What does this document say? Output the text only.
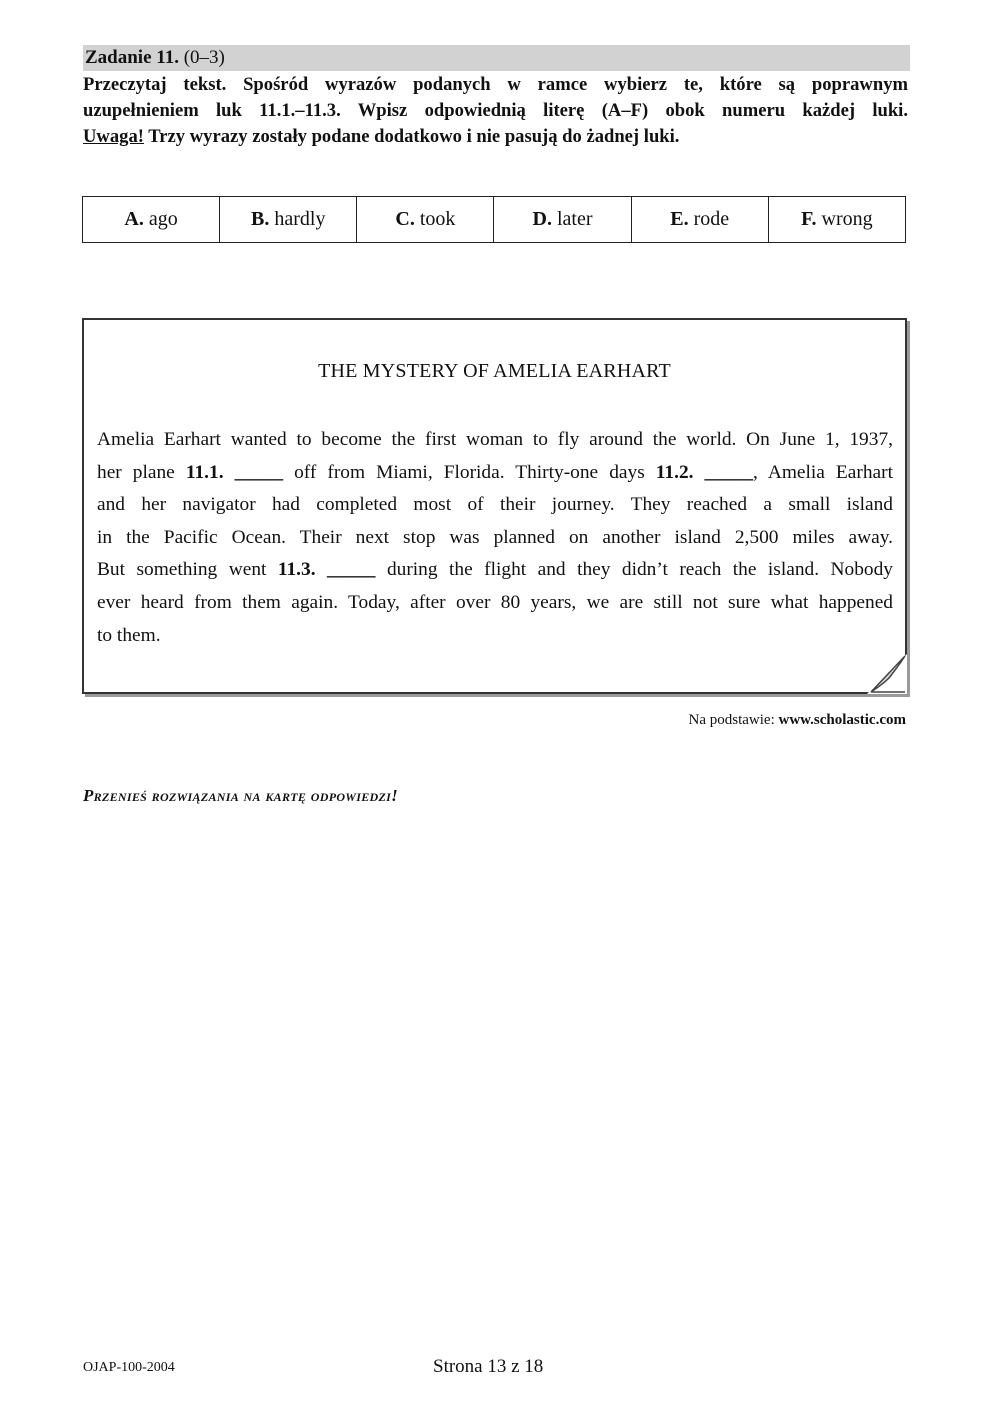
Zadanie 11. (0–3)
Przeczytaj tekst. Spośród wyrazów podanych w ramce wybierz te, które są poprawnym
uzupełnieniem luk 11.1.–11.3. Wpisz odpowiednią literę (A–F) obok numeru każdej luki.
Uwaga! Trzy wyrazy zostały podane dodatkowo i nie pasują do żadnej luki.
A. ago	B. hardly	C. took	D. later	E. rode	F. wrong
THE MYSTERY OF AMELIA EARHART
Amelia Earhart wanted to become the first woman to fly around the world. On June 1, 1937,
her plane 11.1. _____ off from Miami, Florida. Thirty-one days 11.2. _____, Amelia Earhart
and her navigator had completed most of their journey. They reached a small island
in the Pacific Ocean. Their next stop was planned on another island 2,500 miles away.
But something went 11.3. _____ during the flight and they didn’t reach the island. Nobody
ever heard from them again. Today, after over 80 years, we are still not sure what happened
to them.
Na podstawie: www.scholastic.com
Przenieś rozwiązania na kartę odpowiedzi!
OJAP-100-2004	Strona 13 z 18
